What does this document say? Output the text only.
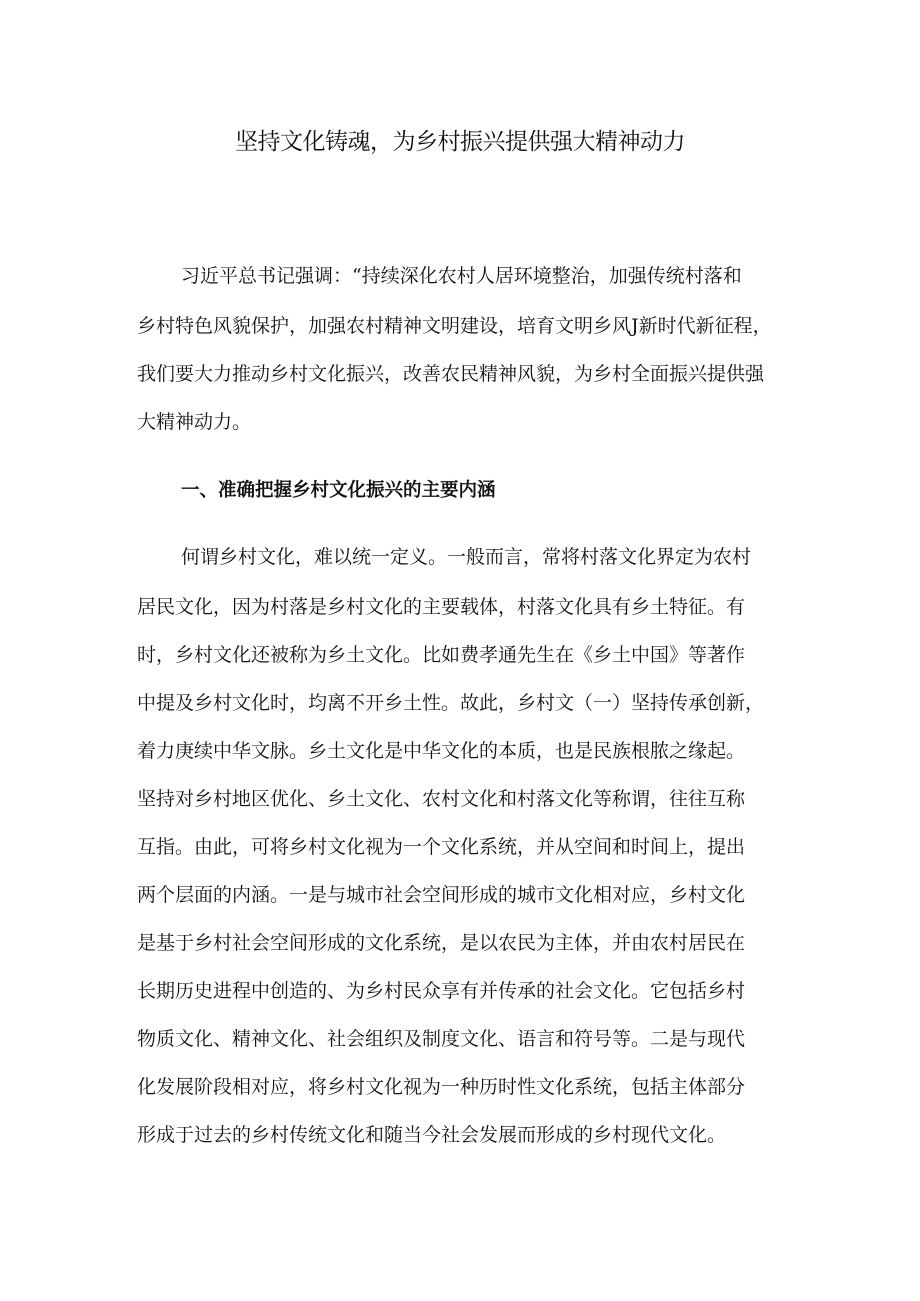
坚持文化铸魂，为乡村振兴提供强大精神动力

习近平总书记强调：“持续深化农村人居环境整治，加强传统村落和

乡村特色风貌保护，加强农村精神文明建设，培育文明乡风J新时代新征程，

我们要大力推动乡村文化振兴，改善农民精神风貌，为乡村全面振兴提供强

大精神动力。

一、准确把握乡村文化振兴的主要内涵

何谓乡村文化，难以统一定义。一般而言，常将村落文化界定为农村

居民文化，因为村落是乡村文化的主要载体，村落文化具有乡土特征。有

时，乡村文化还被称为乡土文化。比如费孝通先生在《乡土中国》等著作

中提及乡村文化时，均离不开乡土性。故此，乡村文（一）坚持传承创新，

着力庚续中华文脉。乡土文化是中华文化的本质，也是民族根脓之缘起。

坚持对乡村地区优化、乡土文化、农村文化和村落文化等称谓，往往互称

互指。由此，可将乡村文化视为一个文化系统，并从空间和时间上，提出

两个层面的内涵。一是与城市社会空间形成的城市文化相对应，乡村文化

是基于乡村社会空间形成的文化系统，是以农民为主体，并由农村居民在

长期历史进程中创造的、为乡村民众享有并传承的社会文化。它包括乡村

物质文化、精神文化、社会组织及制度文化、语言和符号等。二是与现代

化发展阶段相对应，将乡村文化视为一种历时性文化系统，包括主体部分

形成于过去的乡村传统文化和随当今社会发展而形成的乡村现代文化。
